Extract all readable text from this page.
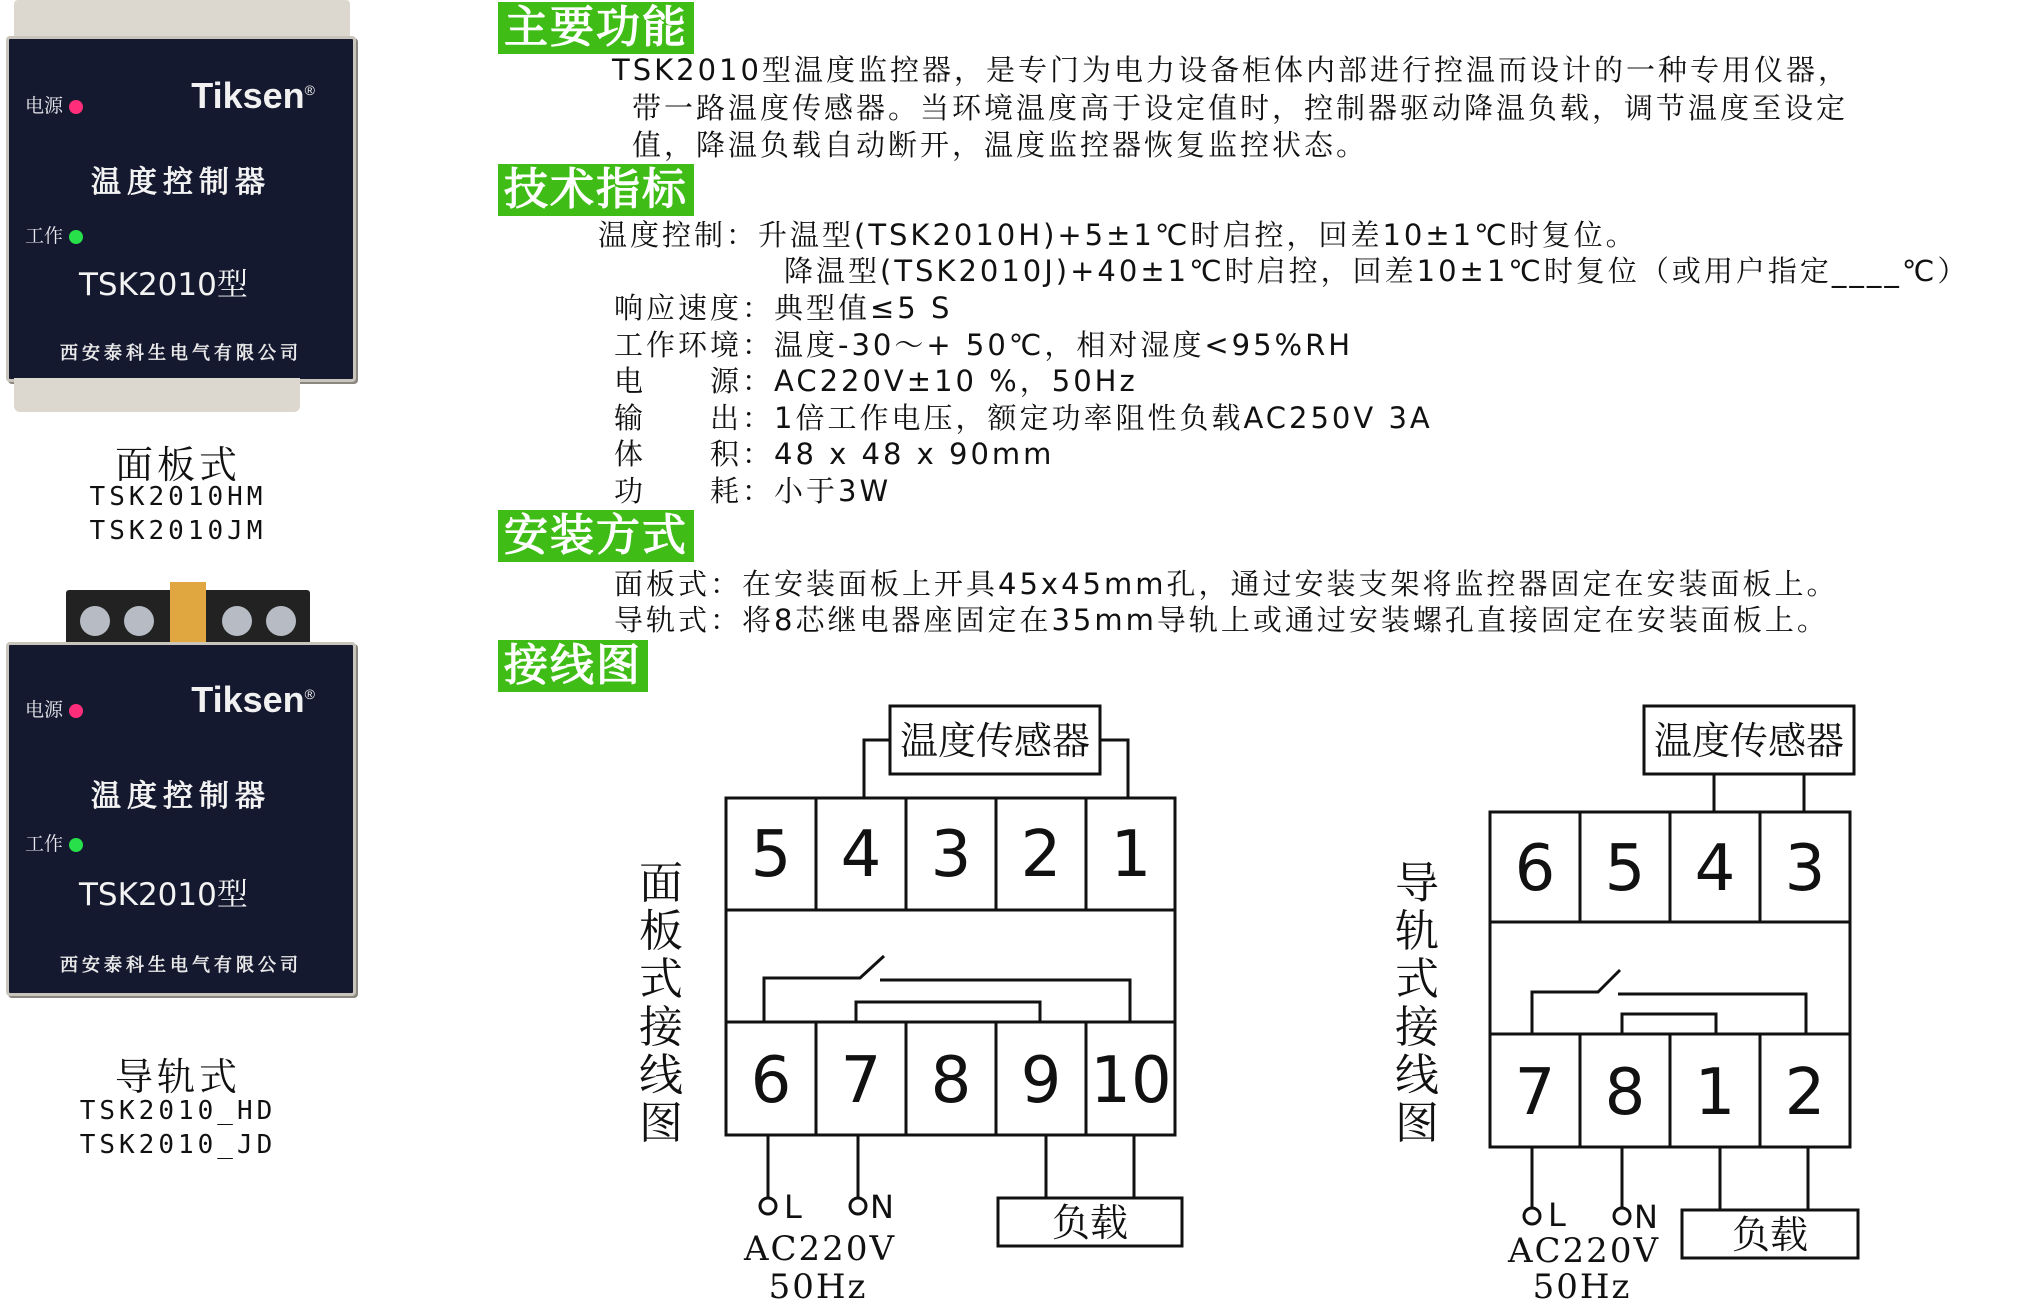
电源	Tiksen®
温度控制器
工作
TSK2010型
西安泰科生电气有限公司
面板式
TSK2010HM
TSK2010JM
电源	Tiksen®
温度控制器
工作
TSK2010型
西安泰科生电气有限公司
导轨式
TSK2010_HD
TSK2010_JD
主要功能
TSK2010型温度监控器，是专门为电力设备柜体内部进行控温而设计的一种专用仪器，
带一路温度传感器。当环境温度高于设定值时，控制器驱动降温负载，调节温度至设定
值，降温负载自动断开，温度监控器恢复监控状态。
技术指标
温度控制：升温型(TSK2010H)+5±1℃时启控，回差10±1℃时复位。
降温型(TSK2010J)+40±1℃时启控，回差10±1℃时复位（或用户指定____℃）
响应速度：典型值≤5 S
工作环境：温度-30～+ 50℃，相对湿度<95%RH
电　　源：AC220V±10 %，50Hz
输　　出：1倍工作电压，额定功率阻性负载AC250V 3A
体　　积：48 x 48 x 90mm
功　　耗：小于3W
安装方式
面板式：在安装面板上开具45x45mm孔，通过安装支架将监控器固定在安装面板上。
导轨式：将8芯继电器座固定在35mm导轨上或通过安装螺孔直接固定在安装面板上。
接线图
面板式接线图
温度传感器
5 4 3 2 1
6 7 8 9 10
L N	负载
AC220V
50Hz
导轨式接线图
温度传感器
6 5 4 3
7 8 1 2
L N 负载
AC220V
50Hz
